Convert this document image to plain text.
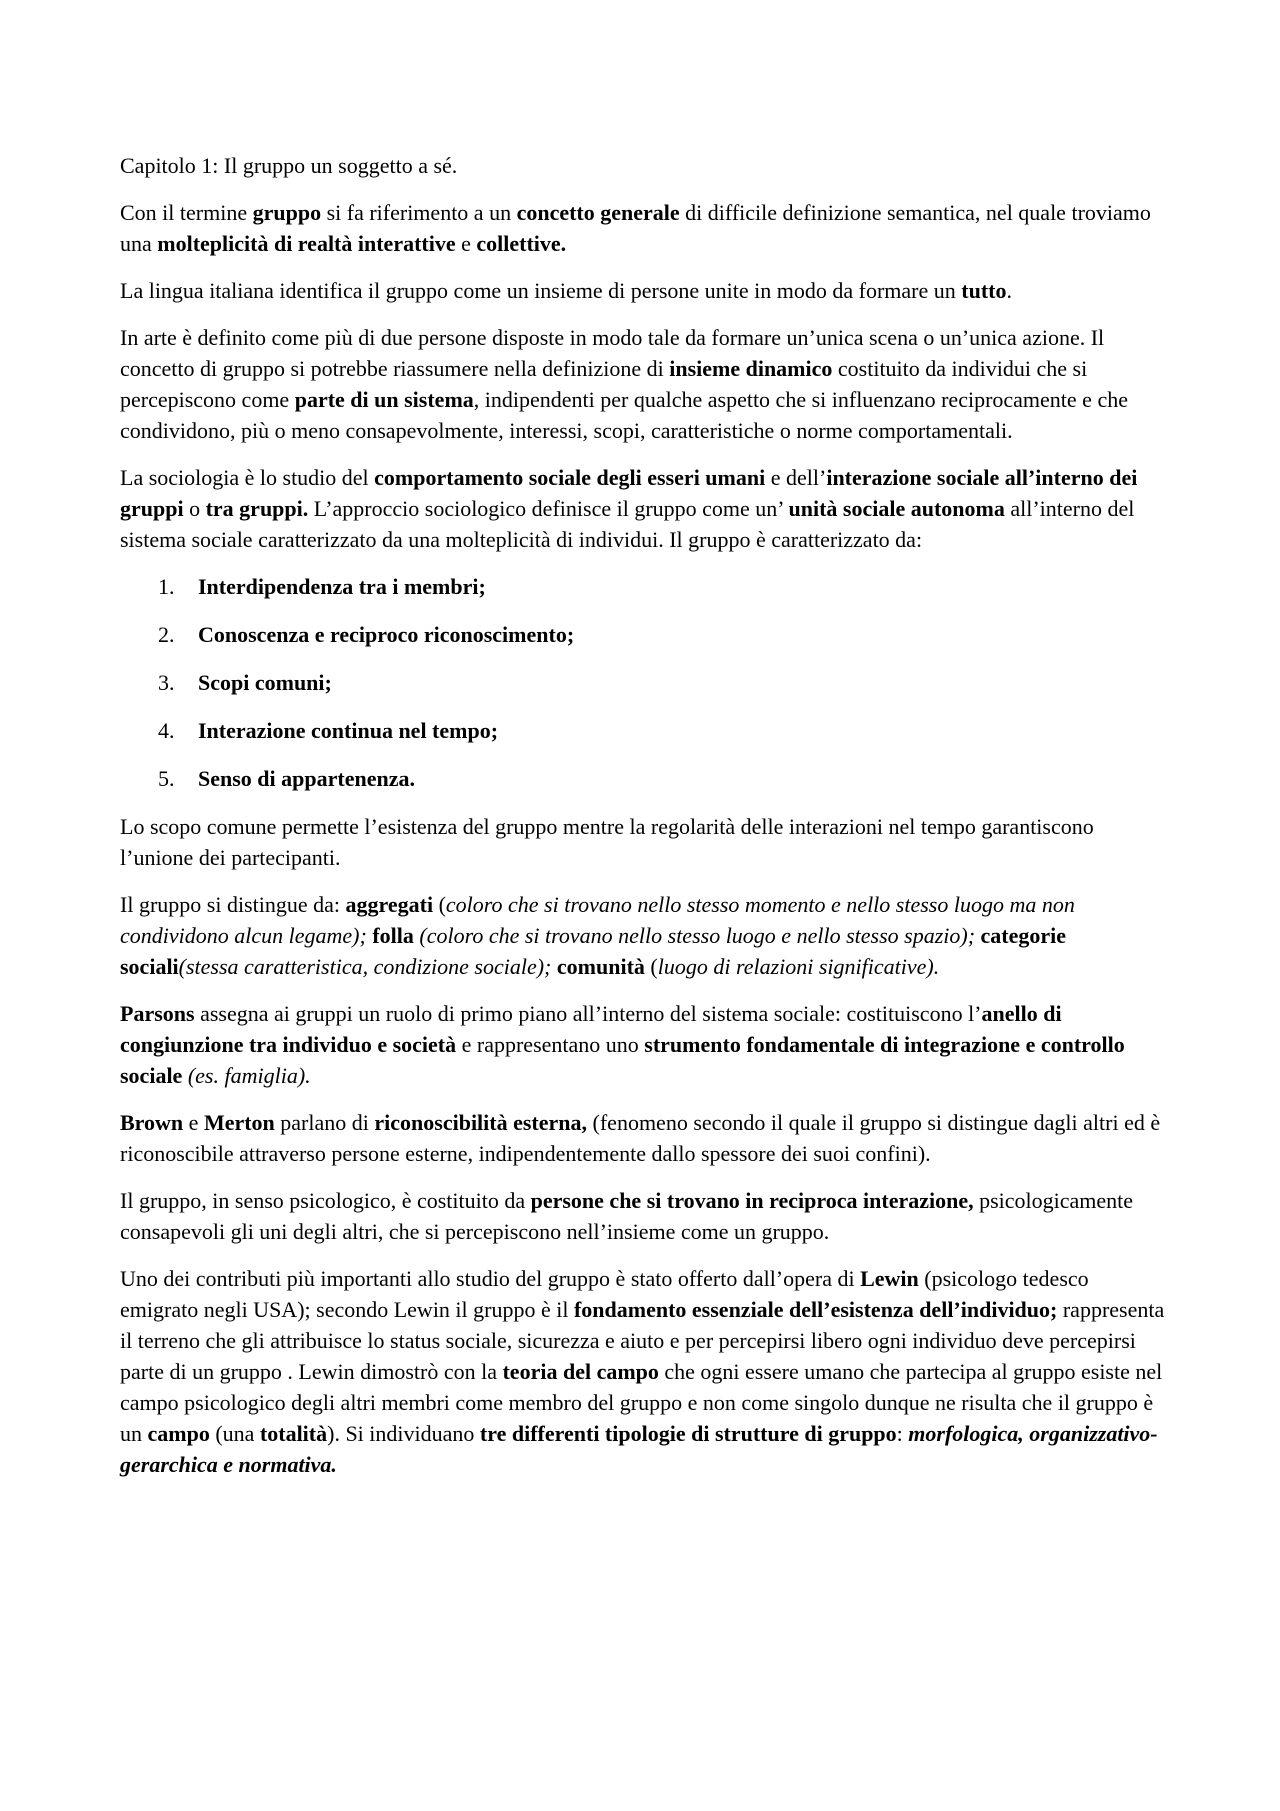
Capitolo 1: Il gruppo un soggetto a sé.

Con il termine gruppo si fa riferimento a un concetto generale di difficile definizione semantica, nel quale troviamo una molteplicità di realtà interattive e collettive.

La lingua italiana identifica il gruppo come un insieme di persone unite in modo da formare un tutto.

In arte è definito come più di due persone disposte in modo tale da formare un’unica scena o un’unica azione. Il concetto di gruppo si potrebbe riassumere nella definizione di insieme dinamico costituito da individui che si percepiscono come parte di un sistema, indipendenti per qualche aspetto che si influenzano reciprocamente e che condividono, più o meno consapevolmente, interessi, scopi, caratteristiche o norme comportamentali.

La sociologia è lo studio del comportamento sociale degli esseri umani e dell’interazione sociale all’interno dei gruppi o tra gruppi. L’approccio sociologico definisce il gruppo come un’ unità sociale autonoma all’interno del sistema sociale caratterizzato da una molteplicità di individui. Il gruppo è caratterizzato da:

1. Interdipendenza tra i membri;
2. Conoscenza e reciproco riconoscimento;
3. Scopi comuni;
4. Interazione continua nel tempo;
5. Senso di appartenenza.

Lo scopo comune permette l’esistenza del gruppo mentre la regolarità delle interazioni nel tempo garantiscono l’unione dei partecipanti.

Il gruppo si distingue da: aggregati (coloro che si trovano nello stesso momento e nello stesso luogo ma non condividono alcun legame); folla (coloro che si trovano nello stesso luogo e nello stesso spazio); categorie sociali(stessa caratteristica, condizione sociale); comunità (luogo di relazioni significative).

Parsons assegna ai gruppi un ruolo di primo piano all’interno del sistema sociale: costituiscono l’anello di congiunzione tra individuo e società e rappresentano uno strumento fondamentale di integrazione e controllo sociale (es. famiglia).

Brown e Merton parlano di riconoscibilità esterna, (fenomeno secondo il quale il gruppo si distingue dagli altri ed è riconoscibile attraverso persone esterne, indipendentemente dallo spessore dei suoi confini).

Il gruppo, in senso psicologico, è costituito da persone che si trovano in reciproca interazione, psicologicamente consapevoli gli uni degli altri, che si percepiscono nell’insieme come un gruppo.

Uno dei contributi più importanti allo studio del gruppo è stato offerto dall’opera di Lewin (psicologo tedesco emigrato negli USA); secondo Lewin il gruppo è il fondamento essenziale dell’esistenza dell’individuo; rappresenta il terreno che gli attribuisce lo status sociale, sicurezza e aiuto e per percepirsi libero ogni individuo deve percepirsi parte di un gruppo . Lewin dimostrò con la teoria del campo che ogni essere umano che partecipa al gruppo esiste nel campo psicologico degli altri membri come membro del gruppo e non come singolo dunque ne risulta che il gruppo è un campo (una totalità). Si individuano tre differenti tipologie di strutture di gruppo: morfologica, organizzativo-gerarchica e normativa.
